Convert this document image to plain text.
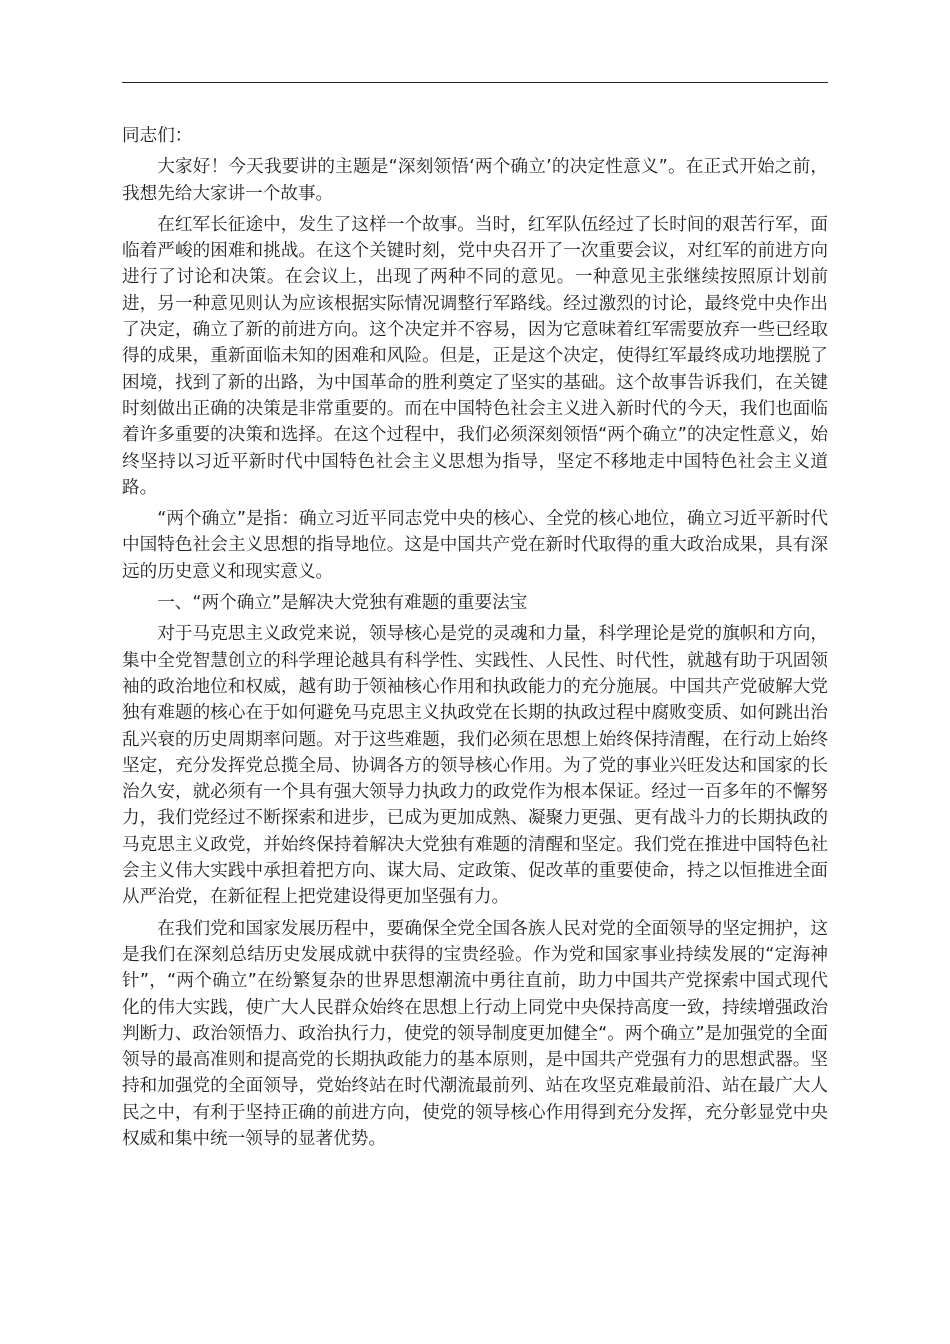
同志们：

大家好！今天我要讲的主题是“深刻领悟‘两个确立’的决定性意义”。在正式开始之前，我想先给大家讲一个故事。

在红军长征途中，发生了这样一个故事。当时，红军队伍经过了长时间的艰苦行军，面临着严峻的困难和挑战。在这个关键时刻，党中央召开了一次重要会议，对红军的前进方向进行了讨论和决策。在会议上，出现了两种不同的意见。一种意见主张继续按照原计划前进，另一种意见则认为应该根据实际情况调整行军路线。经过激烈的讨论，最终党中央作出了决定，确立了新的前进方向。这个决定并不容易，因为它意味着红军需要放弃一些已经取得的成果，重新面临未知的困难和风险。但是，正是这个决定，使得红军最终成功地摆脱了困境，找到了新的出路，为中国革命的胜利奠定了坚实的基础。这个故事告诉我们，在关键时刻做出正确的决策是非常重要的。而在中国特色社会主义进入新时代的今天，我们也面临着许多重要的决策和选择。在这个过程中，我们必须深刻领悟“两个确立”的决定性意义，始终坚持以习近平新时代中国特色社会主义思想为指导，坚定不移地走中国特色社会主义道路。

“两个确立”是指：确立习近平同志党中央的核心、全党的核心地位，确立习近平新时代中国特色社会主义思想的指导地位。这是中国共产党在新时代取得的重大政治成果，具有深远的历史意义和现实意义。

一、“两个确立”是解决大党独有难题的重要法宝

对于马克思主义政党来说，领导核心是党的灵魂和力量，科学理论是党的旗帜和方向，集中全党智慧创立的科学理论越具有科学性、实践性、人民性、时代性，就越有助于巩固领袖的政治地位和权威，越有助于领袖核心作用和执政能力的充分施展。中国共产党破解大党独有难题的核心在于如何避免马克思主义执政党在长期的执政过程中腐败变质、如何跳出治乱兴衰的历史周期率问题。对于这些难题，我们必须在思想上始终保持清醒，在行动上始终坚定，充分发挥党总揽全局、协调各方的领导核心作用。为了党的事业兴旺发达和国家的长治久安，就必须有一个具有强大领导力执政力的政党作为根本保证。经过一百多年的不懈努力，我们党经过不断探索和进步，已成为更加成熟、凝聚力更强、更有战斗力的长期执政的马克思主义政党，并始终保持着解决大党独有难题的清醒和坚定。我们党在推进中国特色社会主义伟大实践中承担着把方向、谋大局、定政策、促改革的重要使命，持之以恒推进全面从严治党，在新征程上把党建设得更加坚强有力。

在我们党和国家发展历程中，要确保全党全国各族人民对党的全面领导的坚定拥护，这是我们在深刻总结历史发展成就中获得的宝贵经验。作为党和国家事业持续发展的“定海神针”，“两个确立”在纷繁复杂的世界思想潮流中勇往直前，助力中国共产党探索中国式现代化的伟大实践，使广大人民群众始终在思想上行动上同党中央保持高度一致，持续增强政治判断力、政治领悟力、政治执行力，使党的领导制度更加健全“。两个确立”是加强党的全面领导的最高准则和提高党的长期执政能力的基本原则，是中国共产党强有力的思想武器。坚持和加强党的全面领导，党始终站在时代潮流最前列、站在攻坚克难最前沿、站在最广大人民之中，有利于坚持正确的前进方向，使党的领导核心作用得到充分发挥，充分彰显党中央权威和集中统一领导的显著优势。
